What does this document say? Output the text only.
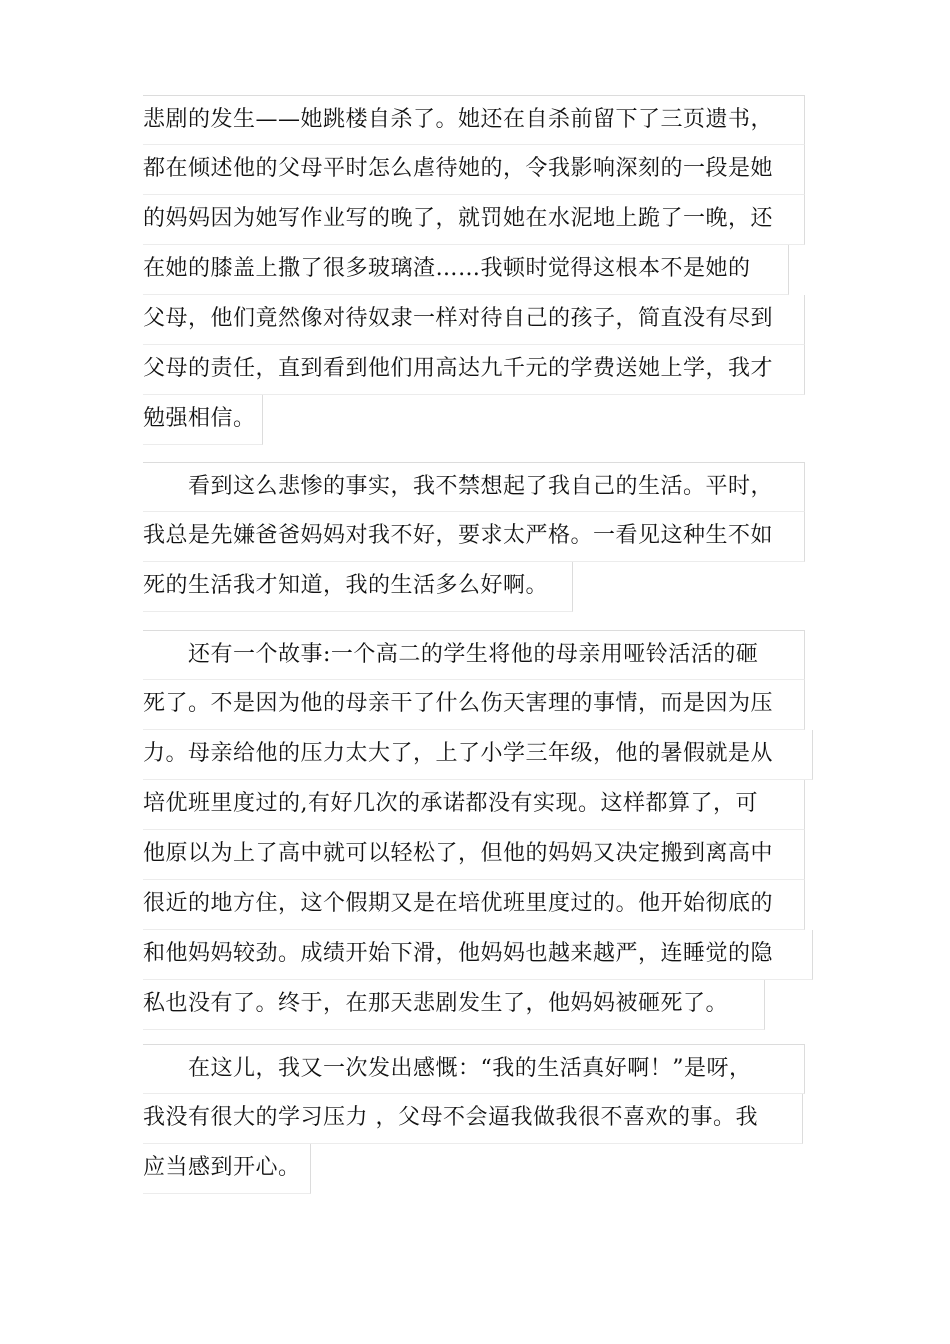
悲剧的发生——她跳楼自杀了。她还在自杀前留下了三页遗书，
都在倾述他的父母平时怎么虐待她的，令我影响深刻的一段是她
的妈妈因为她写作业写的晚了，就罚她在水泥地上跪了一晚，还
在她的膝盖上撒了很多玻璃渣……我顿时觉得这根本不是她的
父母，他们竟然像对待奴隶一样对待自己的孩子，简直没有尽到
父母的责任，直到看到他们用高达九千元的学费送她上学，我才
勉强相信。
　　看到这么悲惨的事实，我不禁想起了我自己的生活。平时，
我总是先嫌爸爸妈妈对我不好，要求太严格。一看见这种生不如
死的生活我才知道，我的生活多么好啊。
　　还有一个故事:一个高二的学生将他的母亲用哑铃活活的砸
死了。不是因为他的母亲干了什么伤天害理的事情，而是因为压
力。母亲给他的压力太大了，上了小学三年级，他的暑假就是从
培优班里度过的,有好几次的承诺都没有实现。这样都算了，可
他原以为上了高中就可以轻松了，但他的妈妈又决定搬到离高中
很近的地方住，这个假期又是在培优班里度过的。他开始彻底的
和他妈妈较劲。成绩开始下滑，他妈妈也越来越严，连睡觉的隐
私也没有了。终于，在那天悲剧发生了，他妈妈被砸死了。
　　在这儿，我又一次发出感慨：“我的生活真好啊！”是呀，
我没有很大的学习压力 ，父母不会逼我做我很不喜欢的事。我
应当感到开心。
